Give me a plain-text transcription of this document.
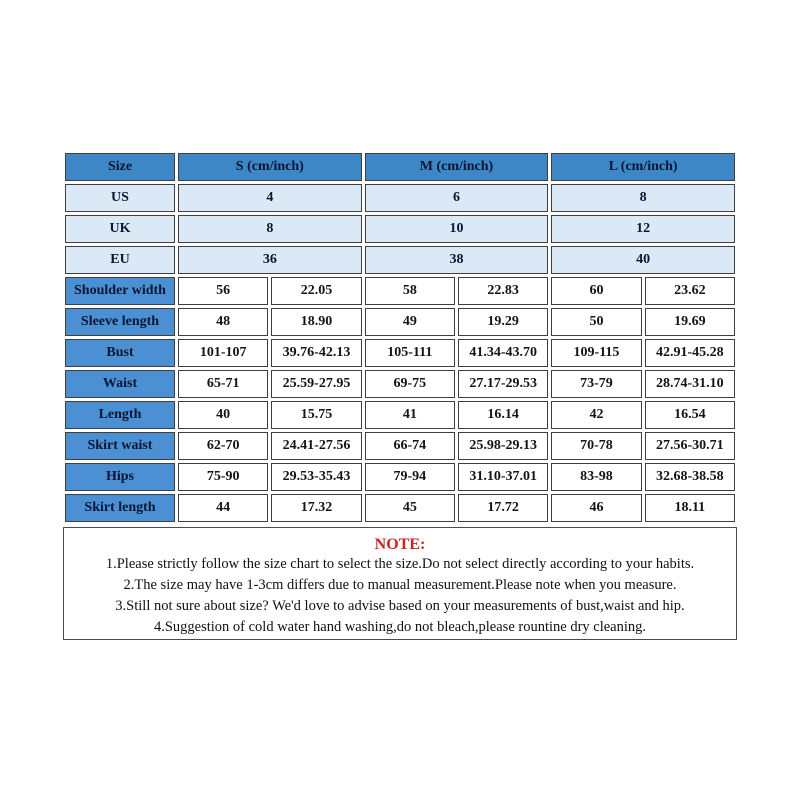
Size	S (cm/inch)		M (cm/inch)		L (cm/inch)	
US	4		6		8	
UK	8		10		12	
EU	36		38		40	
Shoulder width	56	22.05	58	22.83	60	23.62
Sleeve length	48	18.90	49	19.29	50	19.69
Bust	101-107	39.76-42.13	105-111	41.34-43.70	109-115	42.91-45.28
Waist	65-71	25.59-27.95	69-75	27.17-29.53	73-79	28.74-31.10
Length	40	15.75	41	16.14	42	16.54
Skirt waist	62-70	24.41-27.56	66-74	25.98-29.13	70-78	27.56-30.71
Hips	75-90	29.53-35.43	79-94	31.10-37.01	83-98	32.68-38.58
Skirt length	44	17.32	45	17.72	46	18.11
NOTE:
1.Please strictly follow the size chart to select the size.Do not select directly according to your habits.
2.The size may have 1-3cm differs due to manual measurement.Please note when you measure.
3.Still not sure about size? We'd love to advise based on your measurements of bust,waist and hip.
4.Suggestion of cold water hand washing,do not bleach,please rountine dry cleaning.
